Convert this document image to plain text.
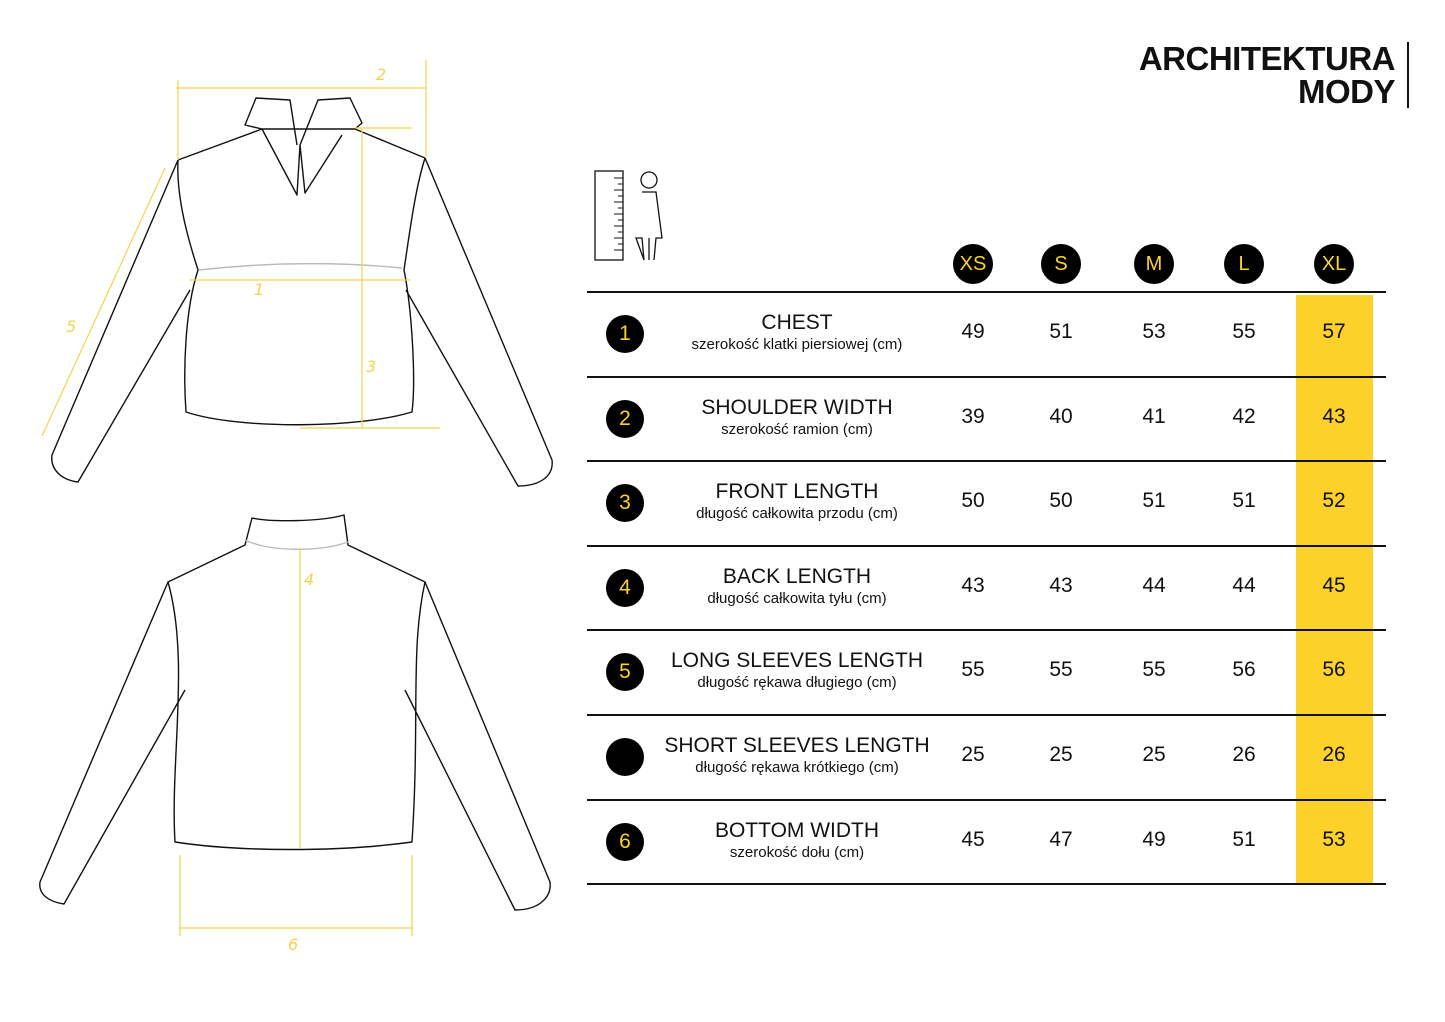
1
2
3
4
5
6
ARCHITEKTURA
MODY
XS	S	M	L	XL
1	CHEST
szerokość klatki piersiowej (cm)
49	51	53	55	57
2	SHOULDER WIDTH
szerokość ramion (cm)
39	40	41	42	43
3	FRONT LENGTH
długość całkowita przodu (cm)
50	50	51	51	52
4	BACK LENGTH
długość całkowita tyłu (cm)
43	43	44	44	45
5	LONG SLEEVES LENGTH
długość rękawa długiego (cm)
55	55	55	56	56
SHORT SLEEVES LENGTH
długość rękawa krótkiego (cm)
25	25	25	26	26
6	BOTTOM WIDTH
szerokość dołu (cm)
45	47	49	51	53
